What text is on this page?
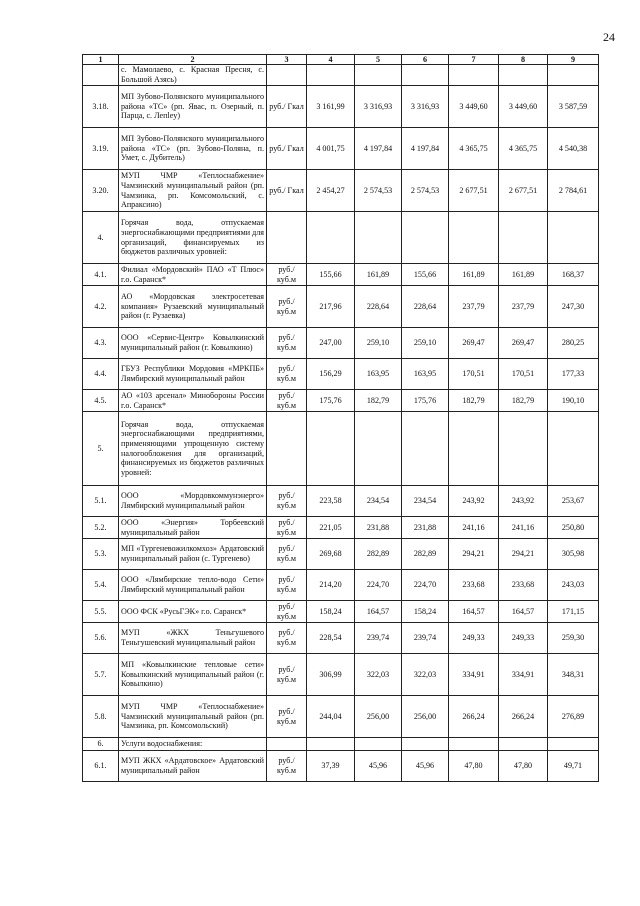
24
1	2	3	4	5	6	7	8	9
	с. Мамолаево, с. Красная Пресня, с. Большой Азясь)							
3.18.	МП Зубово-Полянского муниципального района «ТС» (рп. Явас, п. Озерный, п. Парца, с. Лепley)	руб./ Гкал	3 161,99	3 316,93	3 316,93	3 449,60	3 449,60	3 587,59
3.19.	МП Зубово-Полянского муниципального района «ТС» (рп. Зубово-Поляна, п. Умет, с. Дубитель)	руб./ Гкал	4 001,75	4 197,84	4 197,84	4 365,75	4 365,75	4 540,38
3.20.	МУП ЧМР «Теплоснабжение» Чамзинский муниципальный район (рп. Чамзинка, рп. Комсомольский, с. Апраксино)	руб./ Гкал	2 454,27	2 574,53	2 574,53	2 677,51	2 677,51	2 784,61
4.	Горячая вода, отпускаемая энергоснабжающими предприятиями для организаций, финансируемых из бюджетов различных уровней:							
4.1.	Филиал «Мордовский» ПАО «Т Плюс» г.о. Саранск*	руб./ куб.м	155,66	161,89	155,66	161,89	161,89	168,37
4.2.	АО «Мордовская электросетевая компания» Рузаевский муниципальный район (г. Рузаевка)	руб./ куб.м	217,96	228,64	228,64	237,79	237,79	247,30
4.3.	ООО «Сервис-Центр» Ковылкинский муниципальный район (г. Ковылкино)	руб./ куб.м	247,00	259,10	259,10	269,47	269,47	280,25
4.4.	ГБУЗ Республики Мордовия «МРКПБ» Лямбирский муниципальный район	руб./ куб.м	156,29	163,95	163,95	170,51	170,51	177,33
4.5.	АО «103 арсенал» Минобороны России г.о. Саранск*	руб./ куб.м	175,76	182,79	175,76	182,79	182,79	190,10
5.	Горячая вода, отпускаемая энергоснабжающими предприятиями, применяющими упрощенную систему налогообложения для организаций, финансируемых из бюджетов различных уровней:							
5.1.	ООО «Мордовкоммунэнерго» Лямбирский муниципальный район	руб./ куб.м	223,58	234,54	234,54	243,92	243,92	253,67
5.2.	ООО «Энергия» Торбеевский муниципальный район	руб./ куб.м	221,05	231,88	231,88	241,16	241,16	250,80
5.3.	МП «Тургеневожилкомхоз» Ардатовский муниципальный район (с. Тургенево)	руб./ куб.м	269,68	282,89	282,89	294,21	294,21	305,98
5.4.	ООО «Лямбирские тепло-водо Сети» Лямбирский муниципальный район	руб./ куб.м	214,20	224,70	224,70	233,68	233,68	243,03
5.5.	ООО ФСК «РусьГЭК» г.о. Саранск*	руб./ куб.м	158,24	164,57	158,24	164,57	164,57	171,15
5.6.	МУП «ЖКХ Теньгушевого Теньгушевский муниципальный район	руб./ куб.м	228,54	239,74	239,74	249,33	249,33	259,30
5.7.	МП «Ковылкинские тепловые сети» Ковылкинский муниципальный район (г. Ковылкино)	руб./ куб.м	306,99	322,03	322,03	334,91	334,91	348,31
5.8.	МУП ЧМР «Теплоснабжение» Чамзинский муниципальный район (рп. Чамзинка, рп. Комсомольский)	руб./ куб.м	244,04	256,00	256,00	266,24	266,24	276,89
6.	Услуги водоснабжения:							
6.1.	МУП ЖКХ «Ардатовское» Ардатовский муниципальный район	руб./ куб.м	37,39	45,96	45,96	47,80	47,80	49,71
